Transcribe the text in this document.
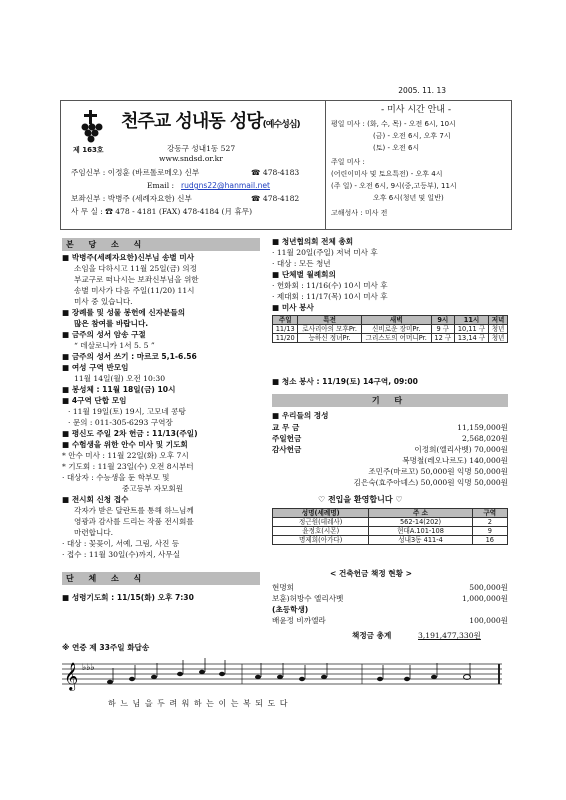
2005. 11. 13
제 163호
천주교 성내동 성당(예수성심)
강동구 성내1동 527
www.sndsd.or.kr
주임신부 : 이정훈 (바르톨로메오) 신부	☎ 478-4183
Email : rudgns22@hanmail.net
보좌신부 : 박병주 (세례자요한) 신부	☎ 478-4182
사 무 실 : ☎ 478 - 4181 (FAX) 478-4184 (月 휴무)
- 미사 시간 안내 -
평일 미사 : (화, 수, 목) - 오전 6시, 10시
(금) - 오전 6시, 오후 7시
(토) - 오전 6시
주일 미사 :
(어린이미사 및 토요특전) - 오후 4시
(주 일) - 오전 6시, 9시(중,고등부), 11시
오후 6시(청년 및 일반)
고해성사 : 미사 전
본 당 소 식
■ 박병주(세례자요한)신부님 송별 미사
소임을 다하시고 11월 25일(금) 의정
부교구로 떠나시는 보좌신부님을 위한
송별 미사가 다음 주일(11/20) 11시
미사 중 있습니다.
■ 장례를 및 성물 봉헌에 신자분들의
많은 참여를 바랍니다.
■ 금주의 성서 암송 구절
“ 데살로니카 1서 5. 5 ”
■ 금주의 성서 쓰기 : 마르코 5,1-6.56
■ 여성 구역 반모임
11월 14일(월) 오전 10:30
■ 봉성체 : 11월 18일(금) 10시
■ 4구역 단합 모임
· 11월 19일(토) 19시, 고모네 콩탕
· 문의 : 011-305-6293 구역장
■ 평신도 주일 2차 헌금 : 11/13(주일)
■ 수험생을 위한 안수 미사 및 기도회
* 안수 미사 : 11월 22일(화) 오후 7시
* 기도회 : 11월 23일(수) 오전 8시부터
· 대상자 : 수능생을 둔 학부모 및
중고등부 자모회원
■ 전시회 신청 접수
각자가 받은 달란트를 통해 하느님께
영광과 감사를 드리는 작품 전시회를
마련합니다.
· 대상 : 꽃꽂이, 서예, 그림, 사진 등
· 접수 : 11월 30일(수)까지, 사무실
단 체 소 식
■ 성령기도회 : 11/15(화) 오후 7:30
■ 청년협의회 전체 총회
· 11월 20일(주일) 저녁 미사 후
· 대상 : 모든 청년
■ 단체별 월례회의
· 헌화회 : 11/16(수) 10시 미사 후
· 제대회 : 11/17(목) 10시 미사 후
■ 미사 봉사
주일	특전	새벽	9시	11시	저녁
11/13	로사리아의 모후Pr.	신비로운 장미Pr.	9 구	10,11 구	청년
11/20	능하신 정녀Pr.	그리스도의 어머니Pr.	12 구	13,14 구	청년
■ 청소 봉사 : 11/19(토) 14구역, 09:00
기 타
■ 우리들의 정성
교 무 금	11,159,000원
주일헌금	2,568,020원
감사헌금	이정희(엘리사벳) 70,000원
복명철(레오나르도) 140,000원
조민주(마르꼬) 50,000원 익명 50,000원
김은숙(효주아녜스) 50,000원 익명 50,000원
♡ 전입을 환영합니다 ♡
성명(세례명)	주 소	구역
정근원(데레사)	562-14(202)	2
윤정호(시몬)	현대A.101-108	9
명제희(아가다)	성내3동 411-4	16
< 건축헌금 책정 현황 >
현명희	500,000원
보훈)허방수 엘리사벳	1,000,000원
(초등학생)
배윤정 비까엘라	100,000원
책정금 총계	3,191,477,330원
※ 연중 제 33주일 화답송
𝄞 ♭♭♭
하 느 님 을 두 려 워 하 는 이 는 복 되 도 다
